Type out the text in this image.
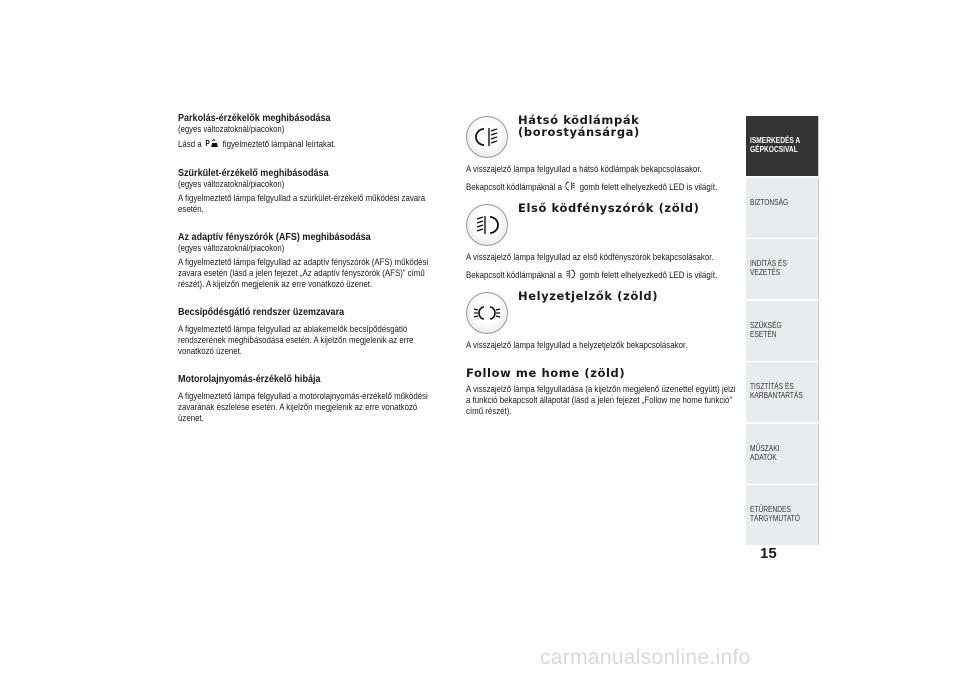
Parkolás-érzékelők meghibásodása

(egyes változatoknál/piacokon)

Lásd a P figyelmeztető lámpánál leírtakat.

Szürkület-érzékelő meghibásodása

(egyes változatoknál/piacokon)

A figyelmeztető lámpa felgyullad a szürkület-érzékelő működési zavara esetén.

Az adaptív fényszórók (AFS) meghibásodása

(egyes változatoknál/piacokon)

A figyelmeztető lámpa felgyullad az adaptív fényszórók (AFS) működési zavara esetén (lásd a jelen fejezet „Az adaptív fényszórók (AFS)” című részét). A kijelzőn megjelenik az erre vonatkozó üzenet.

Becsípődésgátló rendszer üzemzavara

A figyelmeztető lámpa felgyullad az ablakemelők becsípődésgátló rendszerének meghibásodása esetén. A kijelzőn megjelenik az erre vonatkozó üzenet.

Motorolajnyomás-érzékelő hibája

A figyelmeztető lámpa felgyullad a motorolajnyomás-érzékelő működési zavarának észlelése esetén. A kijelzőn megjelenik az erre vonatkozó üzenet.

Hátsó ködlámpák
(borostyánsárga)

A visszajelző lámpa felgyullad a hátsó ködlámpák bekapcsolásakor.

Bekapcsolt ködlámpáknál a gomb felett elhelyezkedő LED is világít.

Első ködfényszórók (zöld)

A visszajelző lámpa felgyullad az első ködfényszórók bekapcsolásakor.

Bekapcsolt ködlámpáknál a gomb felett elhelyezkedő LED is világít.

Helyzetjelzők (zöld)

A visszajelző lámpa felgyullad a helyzetjelzők bekapcsolásakor.

Follow me home (zöld)

A visszajelző lámpa felgyulladása (a kijelzőn megjelenő üzenettel együtt) jelzi a funkció bekapcsolt állapotát (lásd a jelen fejezet „Follow me home funkció” című részét).

ISMERKEDÉS A
GÉPKOCSIVAL
BIZTONSÁG
INDÍTÁS ÉS VEZETÉS
SZÜKSÉG ESETÉN
TISZTÍTÁS ÉS
KARBANTARTÁS
MŰSZAKI ADATOK
ETŰRENDES
TÁRGYMUTATÓ

15

carmanualsonline.info
